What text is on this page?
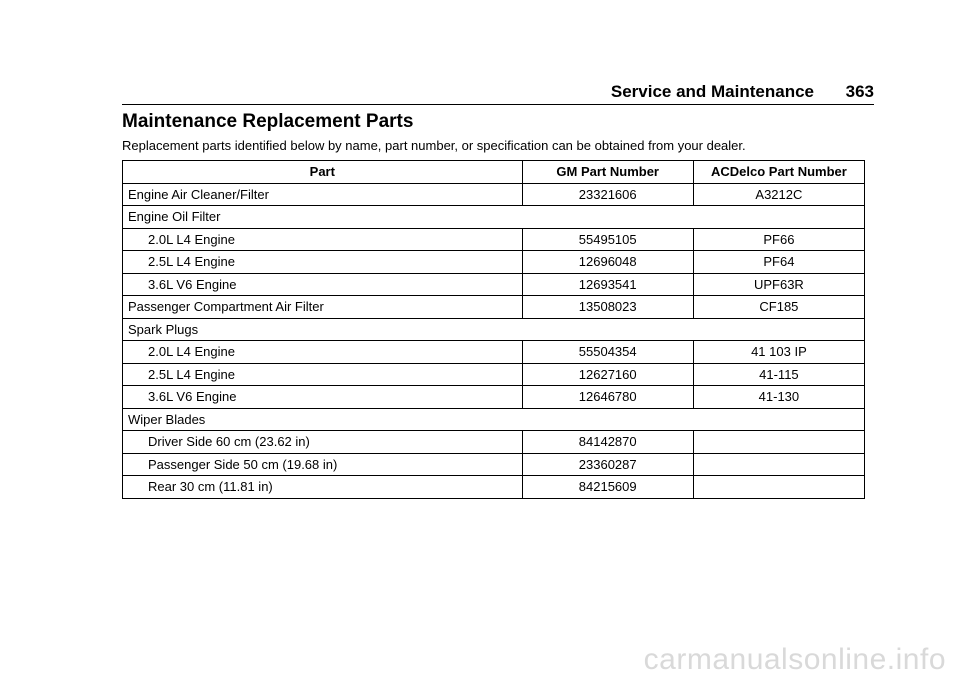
Service and Maintenance 363
Maintenance Replacement Parts

Replacement parts identified below by name, part number, or specification can be obtained from your dealer.

Part	GM Part Number	ACDelco Part Number
Engine Air Cleaner/Filter	23321606	A3212C
Engine Oil Filter		
2.0L L4 Engine	55495105	PF66
2.5L L4 Engine	12696048	PF64
3.6L V6 Engine	12693541	UPF63R
Passenger Compartment Air Filter	13508023	CF185
Spark Plugs		
2.0L L4 Engine	55504354	41 103 IP
2.5L L4 Engine	12627160	41-115
3.6L V6 Engine	12646780	41-130
Wiper Blades		
Driver Side 60 cm (23.62 in)	84142870	
Passenger Side 50 cm (19.68 in)	23360287	
Rear 30 cm (11.81 in)	84215609	
carmanualsonline.info
